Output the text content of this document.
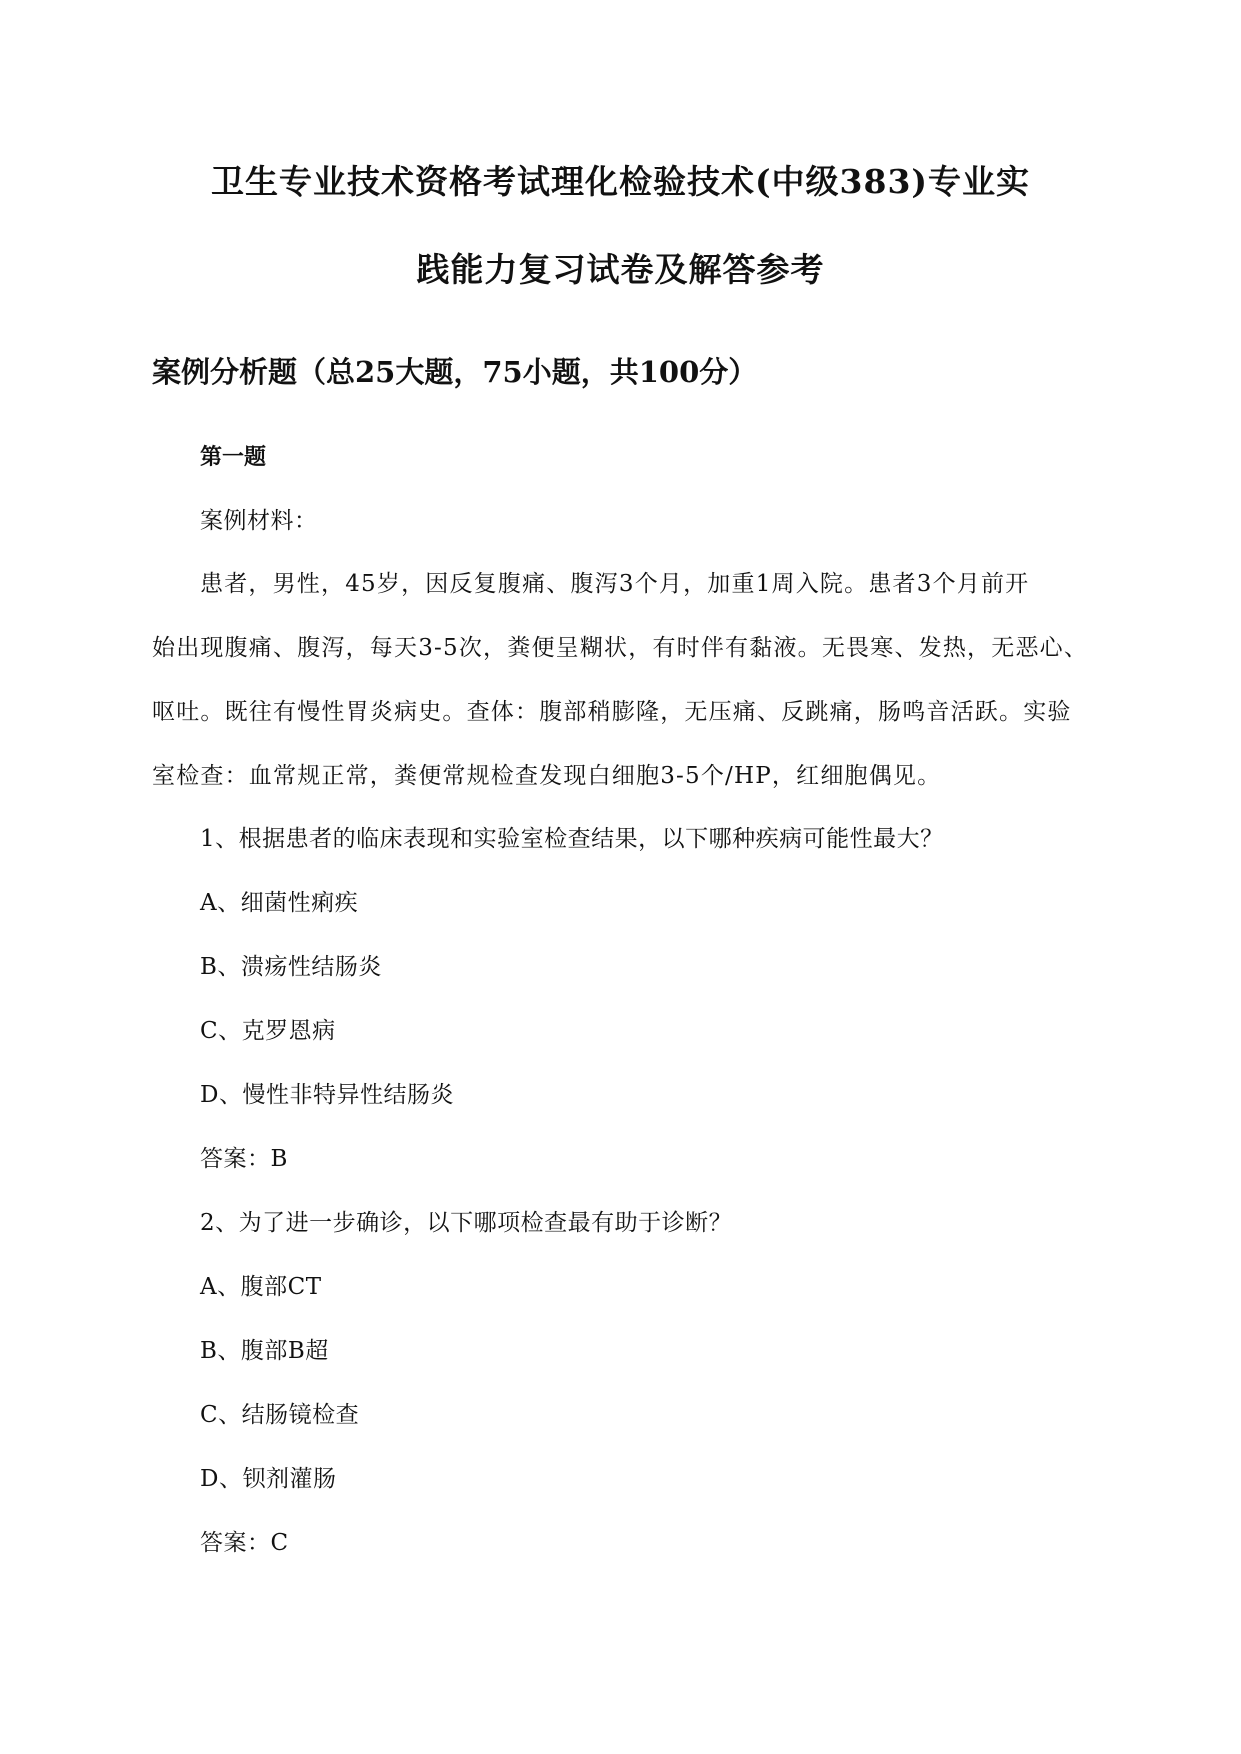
卫生专业技术资格考试理化检验技术(中级383)专业实
践能力复习试卷及解答参考
案例分析题（总25大题，75小题，共100分）
第一题
案例材料：
患者，男性，45岁，因反复腹痛、腹泻3个月，加重1周入院。患者3个月前开
始出现腹痛、腹泻，每天3-5次，粪便呈糊状，有时伴有黏液。无畏寒、发热，无恶心、
呕吐。既往有慢性胃炎病史。查体：腹部稍膨隆，无压痛、反跳痛，肠鸣音活跃。实验
室检查：血常规正常，粪便常规检查发现白细胞3-5个/HP，红细胞偶见。
1、根据患者的临床表现和实验室检查结果，以下哪种疾病可能性最大？
A、细菌性痢疾
B、溃疡性结肠炎
C、克罗恩病
D、慢性非特异性结肠炎
答案：B
2、为了进一步确诊，以下哪项检查最有助于诊断？
A、腹部CT
B、腹部B超
C、结肠镜检查
D、钡剂灌肠
答案：C
